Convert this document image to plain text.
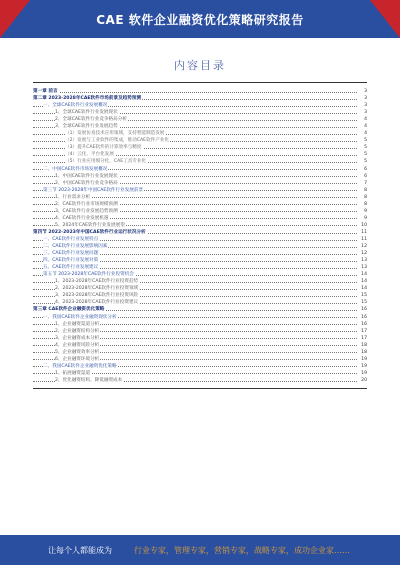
CAE 软件企业融资优化策略研究报告
内容目录
第一章 前言	3
第二章 2023-2028年CAE软件市场前景及趋势预测	3
一、全球CAE软件行业发展概况	3
1、全球CAE软件行业发展现状	3
2、全球CAE软件行业竞争格局分析	4
3、全球CAE软件行业发展趋势	4
（1）发展仿真技术应用领域，支持智能制造发展	4
（2）发展与工业软件的集成，推动CAE软件产业化	5
（3）提升CAE软件的计算效率与精度	5
（4）云化、平台化发展	5
（5）行业应用细分化，CAE工具专业化	5
二、中国CAE软件市场发展概况	6
1、中国CAE软件行业发展现状	6
2、中国CAE软件行业竞争格局	7
第三节 2023-2028年中国CAE软件行业发展前景	8
1、行业需求分析	8
2、CAE软件行业市场规模预测	8
3、CAE软件行业发展趋势预测	9
4、CAE软件行业发展机遇	9
5、2024年CAE软件行业发展展望	10
第四节 2022-2023年中国CAE软件行业运行状况分析	11
一、CAE软件行业发展特点	11
二、CAE软件行业发展影响因素	12
三、CAE软件行业发展问题	12
四、CAE软件行业发展对策	13
五、CAE软件行业发展建议	13
第五节 2023-2028年CAE软件行业投资机会	14
1、2023-2028年CAE软件行业投资趋势	14
2、2023-2028年CAE软件行业投资领域	14
3、2023-2028年CAE软件行业投资风险	15
4、2023-2028年CAE软件行业投资建议	15
第三章 CAE软件企业融资优化策略	16
一、我国CAE软件企业融资现状分析	16
1、企业融资渠道分析	16
2、企业融资结构分析	17
3、企业融资成本分析	17
4、企业融资风险分析	18
5、企业融资效率分析	18
6、企业融资环境分析	19
二、我国CAE软件企业融资优化策略	19
1、拓展融资渠道	19
2、优化融资结构，降低融资成本	20
让每个人都能成为	行业专家，管理专家，营销专家，战略专家，成功企业家……
